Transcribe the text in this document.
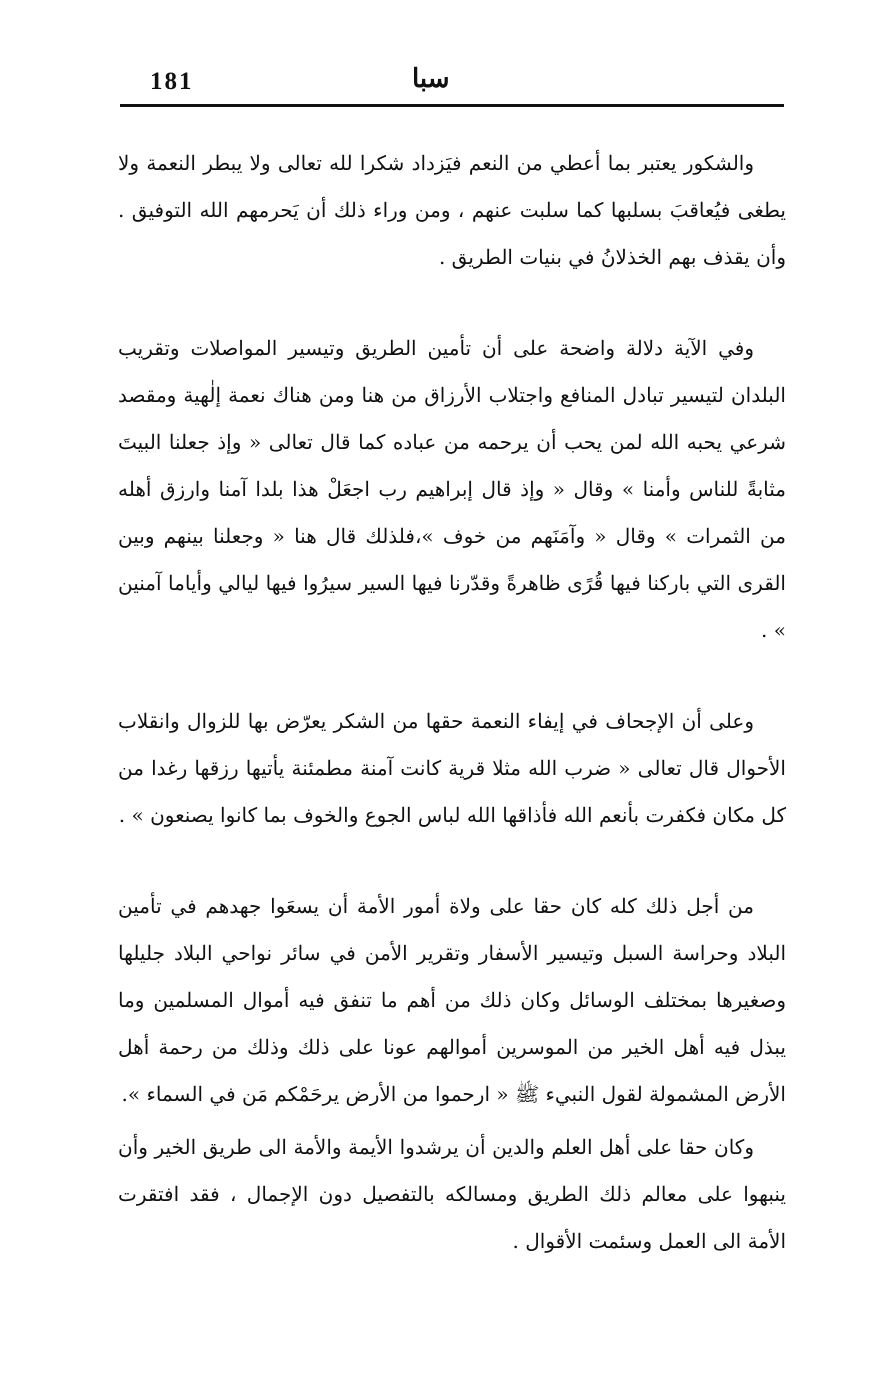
181	سبا

والشكور يعتبر بما أعطي من النعم فيَزداد شكرا لله تعالى ولا يبطر النعمة ولا يطغى فيُعاقبَ بسلبها كما سلبت عنهم ، ومن وراء ذلك أن يَحرمهم الله التوفيق . وأن يقذف بهم الخذلانُ في بنيات الطريق .

وفي الآية دلالة واضحة على أن تأمين الطريق وتيسير المواصلات وتقريب البلدان لتيسير تبادل المنافع واجتلاب الأرزاق من هنا ومن هناك نعمة إلٰهية ومقصد شرعي يحبه الله لمن يحب أن يرحمه من عباده كما قال تعالى « وإذ جعلنا البيتَ مثابةً للناس وأمنا » وقال « وإذ قال إبراهيم رب اجعَلْ هذا بلدا آمنا وارزق أهله من الثمرات » وقال « وآمَنَهم من خوف »،فلذلك قال هنا « وجعلنا بينهم وبين القرى التي باركنا فيها قُرًى ظاهرةً وقدّرنا فيها السير سيرُوا فيها ليالي وأياما آمنين » .

وعلى أن الإجحاف في إيفاء النعمة حقها من الشكر يعرّض بها للزوال وانقلاب الأحوال قال تعالى « ضرب الله مثلا قرية كانت آمنة مطمئنة يأتيها رزقها رغدا من كل مكان فكفرت بأنعم الله فأذاقها الله لباس الجوع والخوف بما كانوا يصنعون » .

من أجل ذلك كله كان حقا على ولاة أمور الأمة أن يسعَوا جهدهم في تأمين البلاد وحراسة السبل وتيسير الأسفار وتقرير الأمن في سائر نواحي البلاد جليلها وصغيرها بمختلف الوسائل وكان ذلك من أهم ما تنفق فيه أموال المسلمين وما يبذل فيه أهل الخير من الموسرين أموالهم عونا على ذلك وذلك من رحمة أهل الأرض المشمولة لقول النبيء ﷺ « ارحموا من الأرض يرحَمْكم مَن في السماء ».

وكان حقا على أهل العلم والدين أن يرشدوا الأيمة والأمة الى طريق الخير وأن ينبهوا على معالم ذلك الطريق ومسالكه بالتفصيل دون الإجمال ، فقد افتقرت الأمة الى العمل وسئمت الأقوال .
